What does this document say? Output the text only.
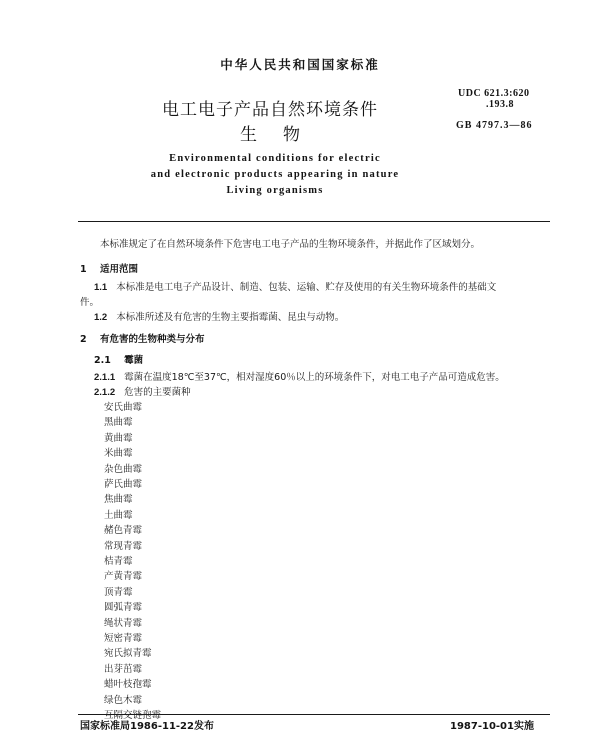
中华人民共和国国家标准
电工电子产品自然环境条件
生物
UDC 621.3:620
.193.8
GB 4797.3—86
Environmental conditions for electric
and electronic products appearing in nature
Living organisms
本标准规定了在自然环境条件下危害电工电子产品的生物环境条件，并据此作了区域划分。
1 适用范围
1.1 本标准是电工电子产品设计、制造、包装、运输、贮存及使用的有关生物环境条件的基础文
件。
1.2 本标准所述及有危害的生物主要指霉菌、昆虫与动物。
2 有危害的生物种类与分布
2.1 霉菌
2.1.1 霉菌在温度18℃至37℃，相对湿度60％以上的环境条件下，对电工电子产品可造成危害。
2.1.2 危害的主要菌种
安氏曲霉
黑曲霉
黄曲霉
米曲霉
杂色曲霉
萨氏曲霉
焦曲霉
土曲霉
赭色青霉
常现青霉
桔青霉
产黄青霉
顶青霉
圆弧青霉
绳状青霉
短密青霉
宛氏拟青霉
出芽茁霉
蜡叶枝孢霉
绿色木霉
互隔交链孢霉
国家标准局1986-11-22发布	1987-10-01实施
